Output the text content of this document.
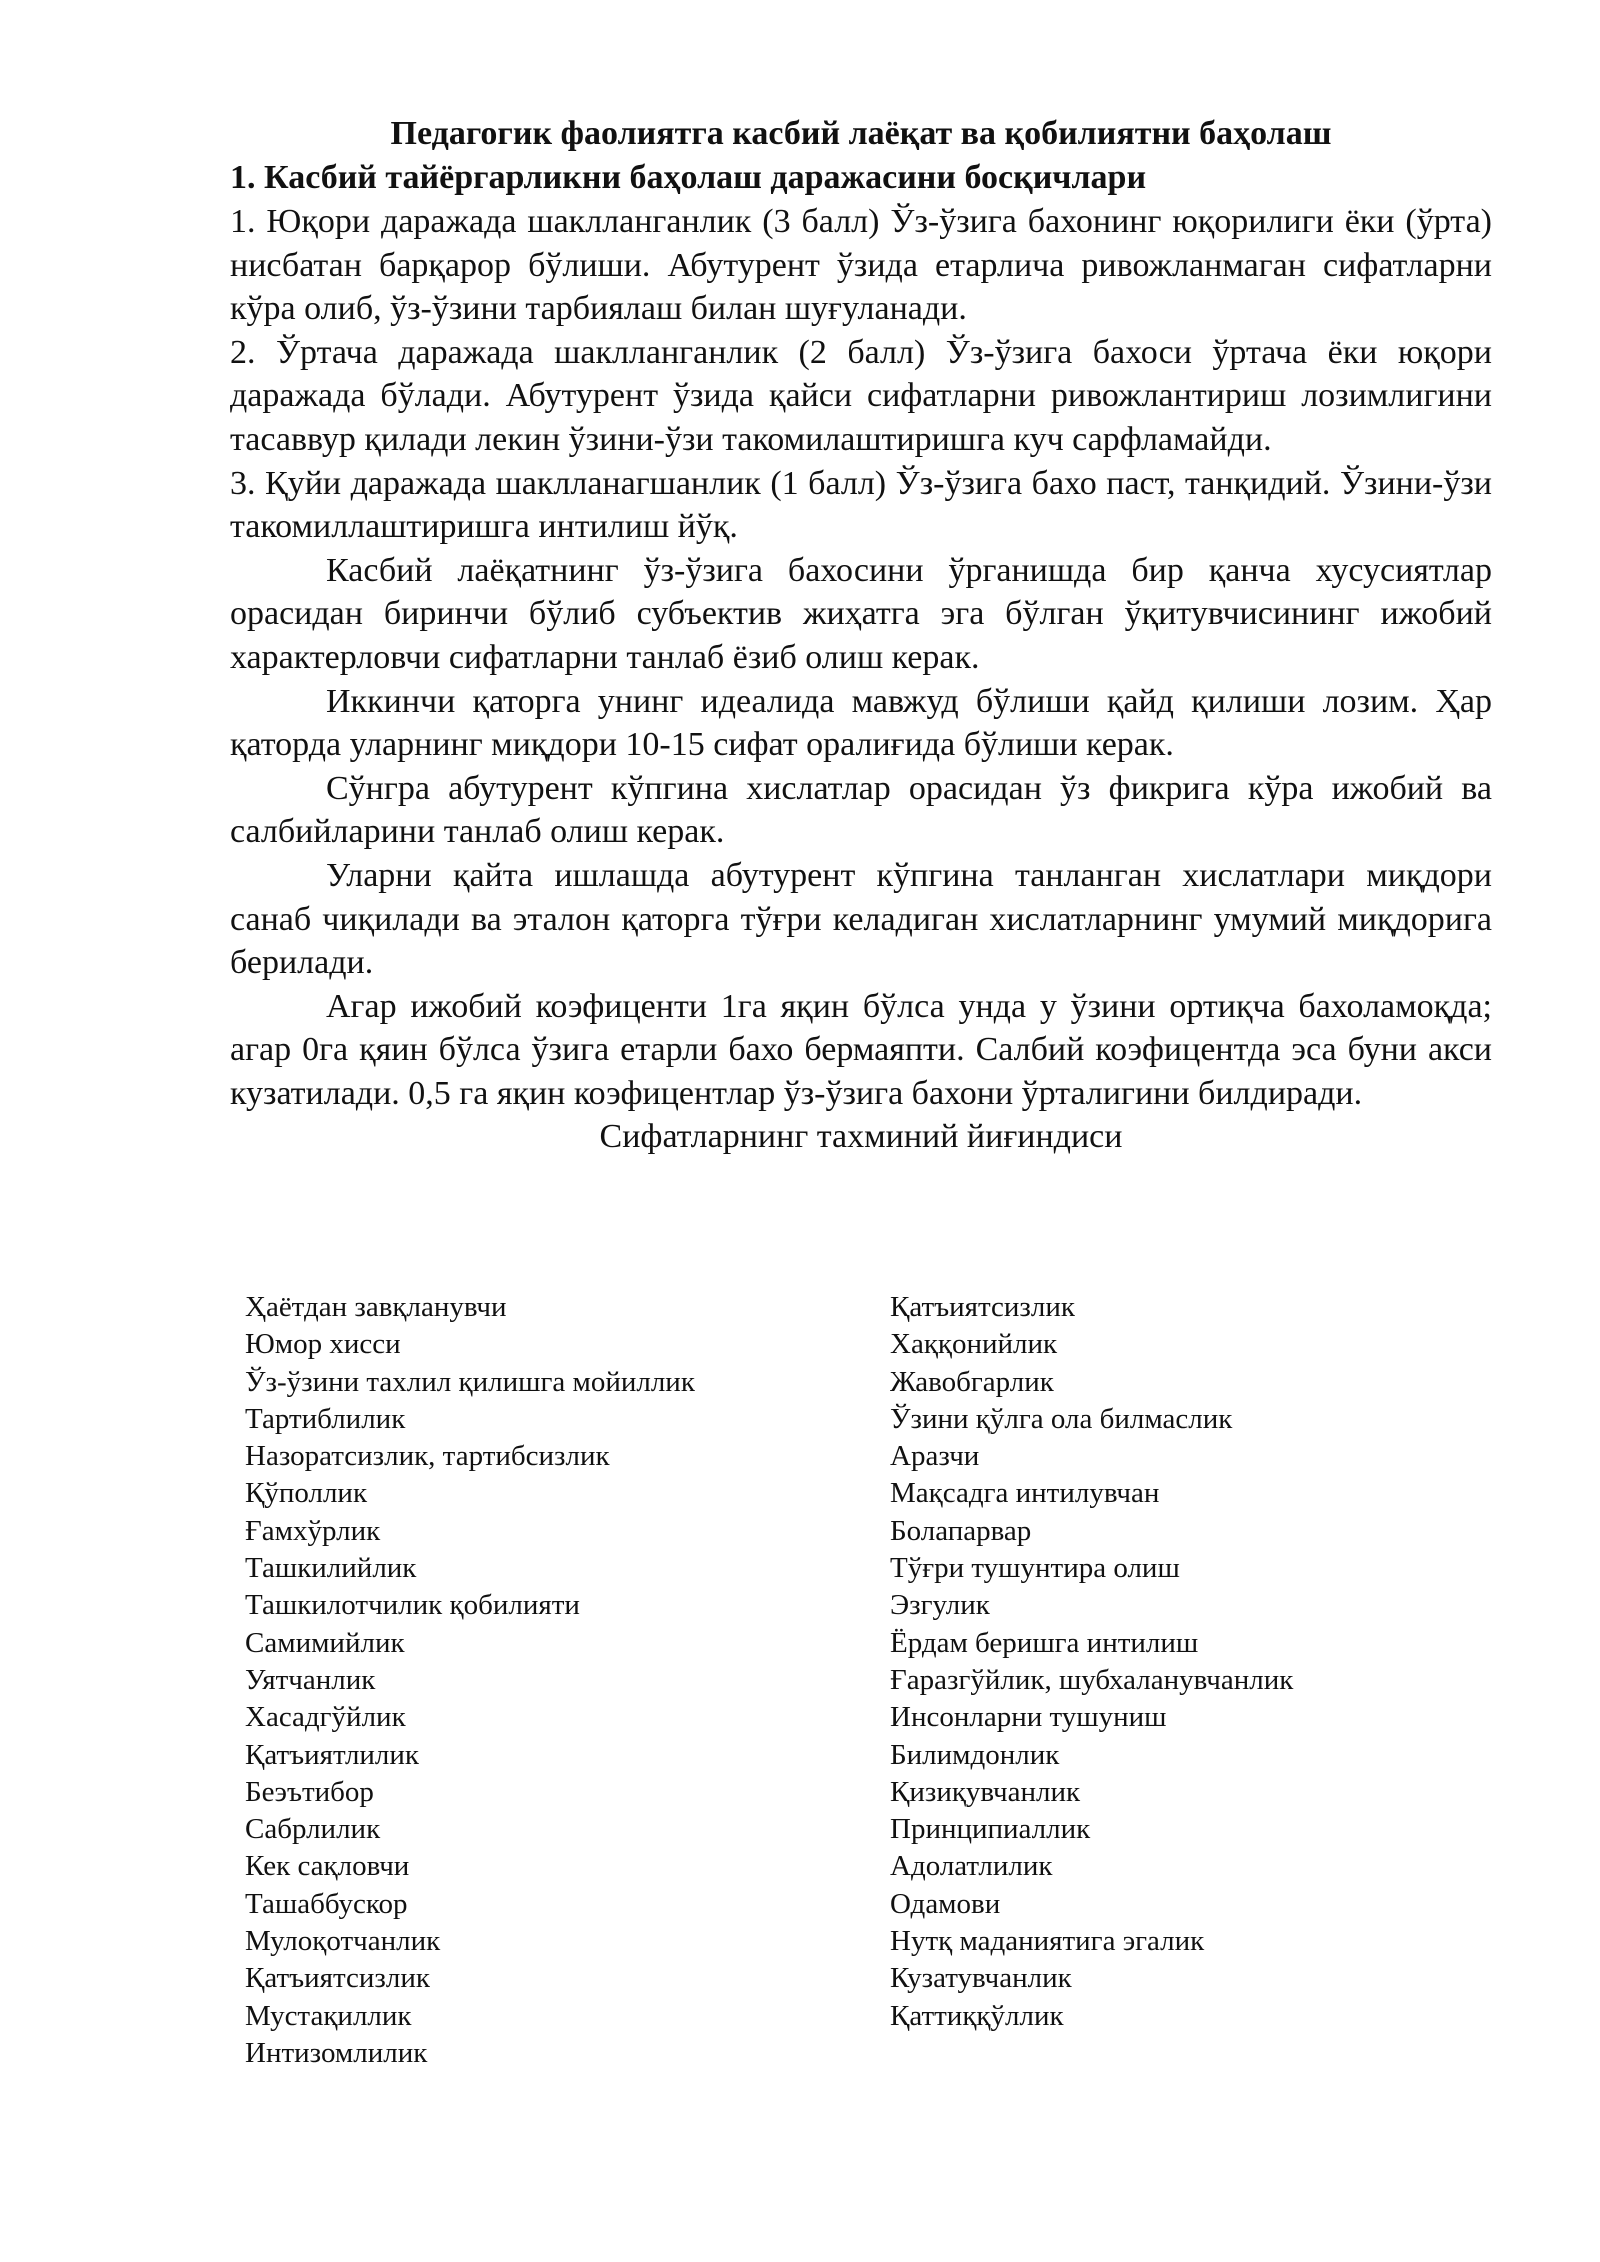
Педагогик фаолиятга касбий лаёқат ва қобилиятни баҳолаш
1. Касбий тайёргарликни баҳолаш даражасини босқичлари

1. Юқори даражада шаклланганлик (3 балл) Ўз-ўзига бахонинг юқорилиги ёки (ўрта) нисбатан барқарор бўлиши. Абутурент ўзида етарлича ривожланмаган сифатларни кўра олиб, ўз-ўзини тарбиялаш билан шуғуланади.

2. Ўртача даражада шаклланганлик (2 балл) Ўз-ўзига бахоси ўртача ёки юқори даражада бўлади. Абутурент ўзида қайси сифатларни ривожлантириш лозимлигини тасаввур қилади лекин ўзини-ўзи такомилаштиришга куч сарфламайди.

3. Қуйи даражада шаклланагшанлик (1 балл) Ўз-ўзига бахо паст, танқидий. Ўзини-ўзи такомиллаштиришга интилиш йўқ.

Касбий лаёқатнинг ўз-ўзига бахосини ўрганишда бир қанча хусусиятлар орасидан биринчи бўлиб субъектив жиҳатга эга бўлган ўқитувчисининг ижобий характерловчи сифатларни танлаб ёзиб олиш керак.

Иккинчи қаторга унинг идеалида мавжуд бўлиши қайд қилиши лозим. Ҳар қаторда уларнинг миқдори 10-15 сифат оралиғида бўлиши керак.

Сўнгра абутурент кўпгина хислатлар орасидан ўз фикрига кўра ижобий ва салбийларини танлаб олиш керак.

Уларни қайта ишлашда абутурент кўпгина танланган хислатлари миқдори санаб чиқилади ва эталон қаторга тўғри келадиган хислатларнинг умумий миқдорига берилади.

Агар ижобий коэфиценти 1га яқин бўлса унда у ўзини ортиқча бахоламоқда; агар 0га қяин бўлса ўзига етарли бахо бермаяпти. Салбий коэфицентда эса буни акси кузатилади. 0,5 га яқин коэфицентлар ўз-ўзига бахони ўрталигини билдиради.

Сифатларнинг тахминий йиғиндиси

Ҳаётдан завқланувчи
Юмор хисси
Ўз-ўзини тахлил қилишга мойиллик
Тартиблилик
Назоратсизлик, тартибсизлик
Қўполлик
Ғамхўрлик
Ташкилийлик
Ташкилотчилик қобилияти
Самимийлик
Уятчанлик
Хасадгўйлик
Қатъиятлилик
Беэътибор
Сабрлилик
Кек сақловчи
Ташаббускор
Мулоқотчанлик
Қатъиятсизлик
Мустақиллик
Интизомлилик
Қатъиятсизлик
Хаққонийлик
Жавобгарлик
Ўзини қўлга ола билмаслик
Аразчи
Мақсадга интилувчан
Болапарвар
Тўғри тушунтира олиш
Эзгулик
Ёрдам беришга интилиш
Ғаразгўйлик, шубхаланувчанлик
Инсонларни тушуниш
Билимдонлик
Қизиқувчанлик
Принципиаллик
Адолатлилик
Одамови
Нутқ маданиятига эгалик
Кузатувчанлик
Қаттиққўллик
